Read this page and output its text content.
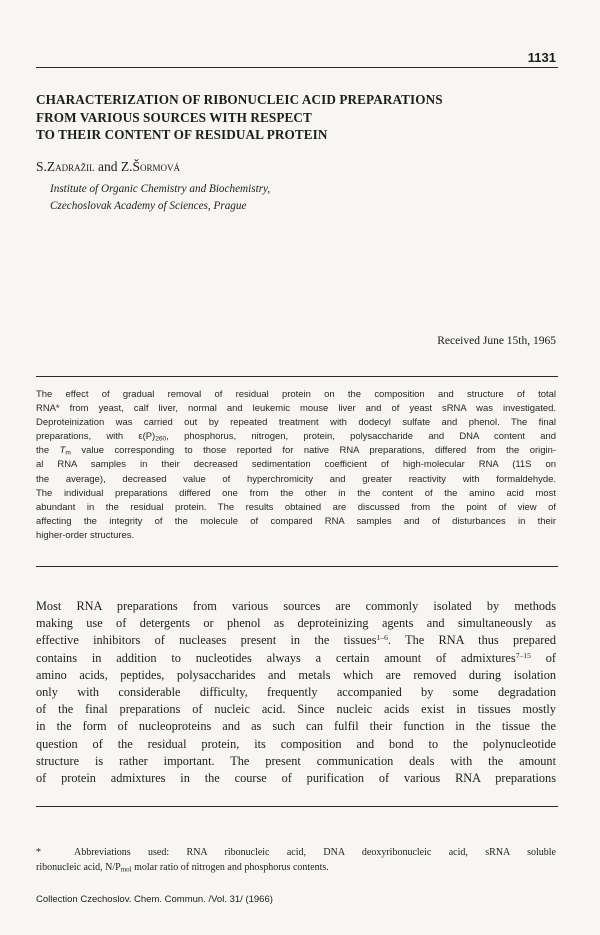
1131
CHARACTERIZATION OF RIBONUCLEIC ACID PREPARATIONS
FROM VARIOUS SOURCES WITH RESPECT
TO THEIR CONTENT OF RESIDUAL PROTEIN
S.Zadražil and Z.Šormová
Institute of Organic Chemistry and Biochemistry,
Czechoslovak Academy of Sciences, Prague
Received June 15th, 1965
The effect of gradual removal of residual protein on the composition and structure of total
RNA* from yeast, calf liver, normal and leukemic mouse liver and of yeast sRNA was investigated.
Deproteinization was carried out by repeated treatment with dodecyl sulfate and phenol. The final
preparations, with $\varepsilon(P)_{260}$, phosphorus, nitrogen, protein, polysaccharide and DNA content and
the $T_m$ value corresponding to those reported for native RNA preparations, differed from the origin-
al RNA samples in their decreased sedimentation coefficient of high-molecular RNA (11S on
the average), decreased value of hyperchromicity and greater reactivity with formaldehyde.
The individual preparations differed one from the other in the content of the amino acid most
abundant in the residual protein. The results obtained are discussed from the point of view of
affecting the integrity of the molecule of compared RNA samples and of disturbances in their
higher-order structures.
Most RNA preparations from various sources are commonly isolated by methods
making use of detergents or phenol as deproteinizing agents and simultaneously as
effective inhibitors of nucleases present in the tissues$^{1-6}$. The RNA thus prepared
contains in addition to nucleotides always a certain amount of admixtures$^{7-15}$ of
amino acids, peptides, polysaccharides and metals which are removed during isolation
only with considerable difficulty, frequently accompanied by some degradation
of the final preparations of nucleic acid. Since nucleic acids exist in tissues mostly
in the form of nucleoproteins and as such can fulfil their function in the tissue the
question of the residual protein, its composition and bond to the polynucleotide
structure is rather important. The present communication deals with the amount
of protein admixtures in the course of purification of various RNA preparations
*	Abbreviations used: RNA ribonucleic acid, DNA deoxyribonucleic acid, sRNA soluble
ribonucleic acid, $N/P_{mol}$ molar ratio of nitrogen and phosphorus contents.
Collection Czechoslov. Chem. Commun. /Vol. 31/ (1966)
